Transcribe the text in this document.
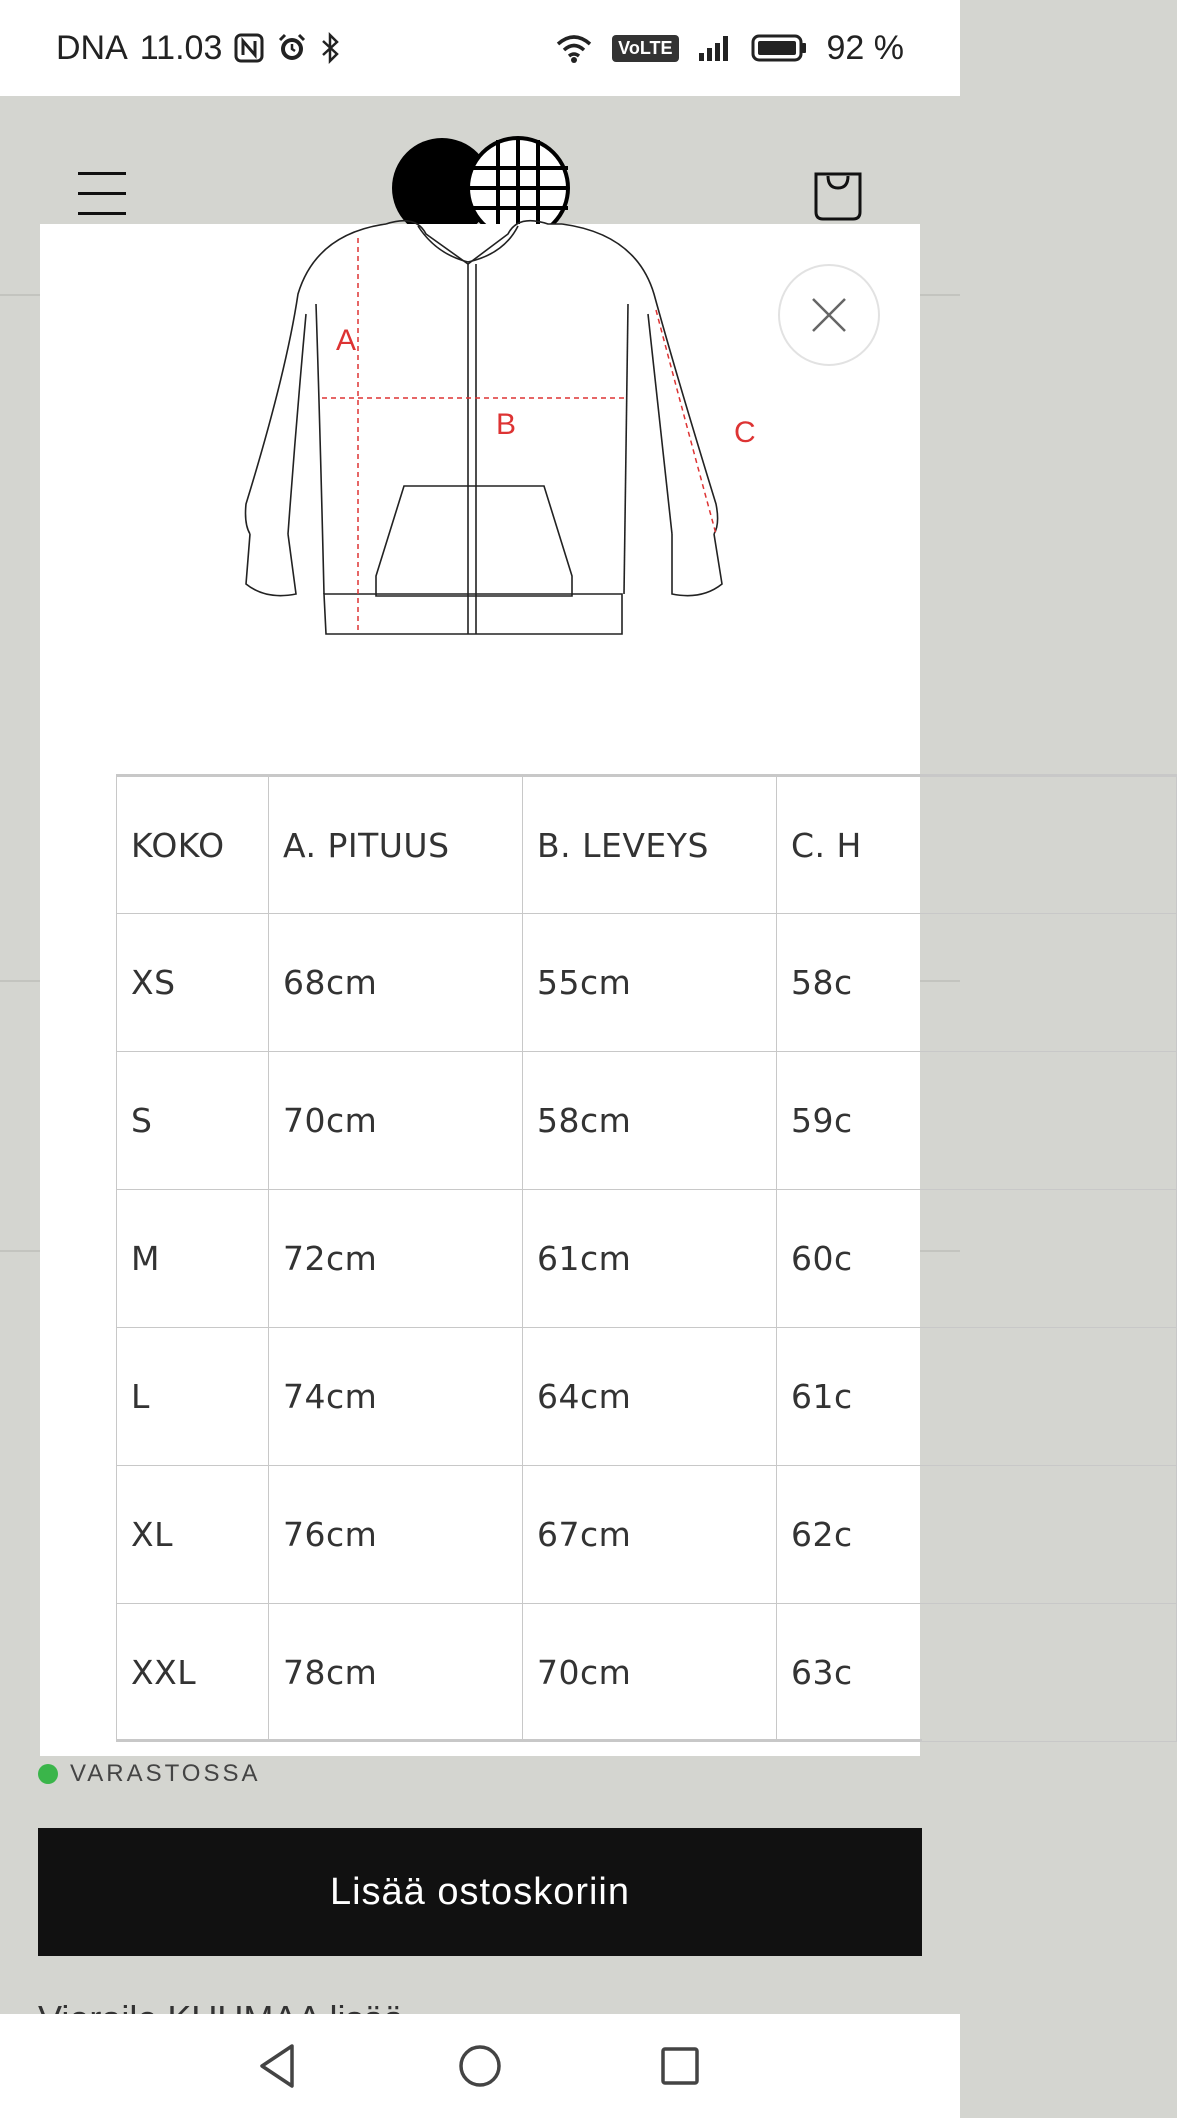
DNA 11.03	VoLTE	92 %
A
B	C
KOKO	A. PITUUS	B. LEVEYS	C. H
XS	68cm	55cm	58c
S	70cm	58cm	59c
M	72cm	61cm	60c
L	74cm	64cm	61c
XL	76cm	67cm	62c
XXL	78cm	70cm	63c
VARASTOSSA
Lisää ostoskoriin
